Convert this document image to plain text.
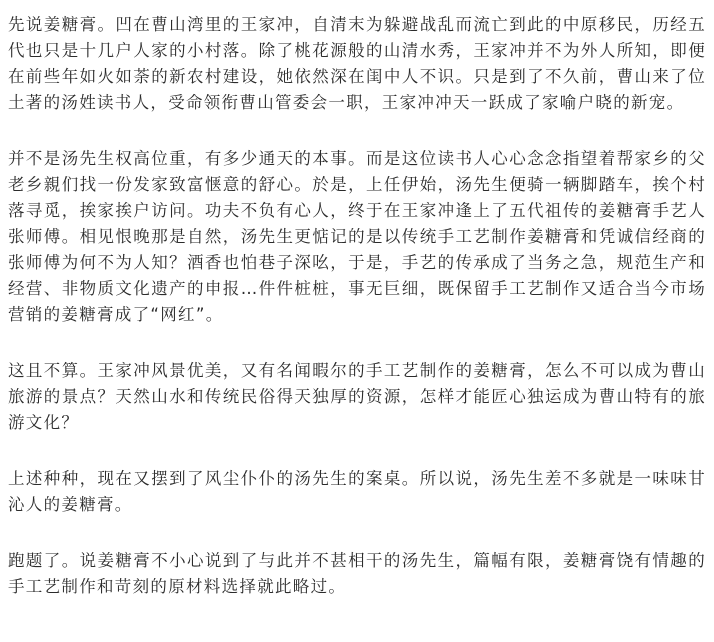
先说姜糖膏。凹在曹山湾里的王家冲，自清末为躲避战乱而流亡到此的中原移民，历经五代也只是十几户人家的小村落。除了桃花源般的山清水秀，王家冲并不为外人所知，即便在前些年如火如荼的新农村建设，她依然深在闺中人不识。只是到了不久前，曹山来了位土著的汤姓读书人，受命领衔曹山管委会一职，王家冲冲天一跃成了家喻户晓的新宠。

并不是汤先生权高位重，有多少通天的本事。而是这位读书人心心念念指望着帮家乡的父老乡親们找一份发家致富惬意的舒心。於是，上任伊始，汤先生便骑一辆脚踏车，挨个村落寻觅，挨家挨户访问。功夫不负有心人，终于在王家冲逢上了五代祖传的姜糖膏手艺人张师傅。相见恨晚那是自然，汤先生更惦记的是以传统手工艺制作姜糖膏和凭诚信经商的张师傅为何不为人知？酒香也怕巷子深吆，于是，手艺的传承成了当务之急，规范生产和经营、非物质文化遗产的申报…件件桩桩，事无巨细，既保留手工艺制作又适合当今市场营销的姜糖膏成了“网红”。

这且不算。王家冲风景优美，又有名闻暇尔的手工艺制作的姜糖膏，怎么不可以成为曹山旅游的景点？天然山水和传统民俗得天独厚的资源，怎样才能匠心独运成为曹山特有的旅游文化？

上述种种，现在又摆到了风尘仆仆的汤先生的案桌。所以说，汤先生差不多就是一味味甘沁人的姜糖膏。

跑题了。说姜糖膏不小心说到了与此并不甚相干的汤先生，篇幅有限，姜糖膏饶有情趣的手工艺制作和苛刻的原材料选择就此略过。
